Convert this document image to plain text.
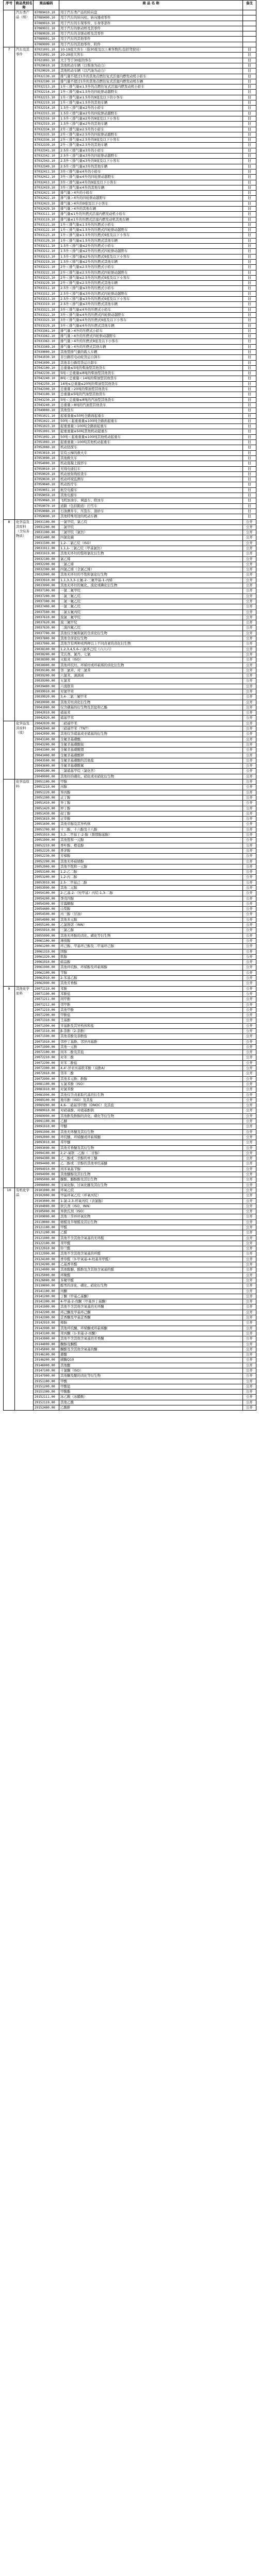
序号	商品类别名称	商品编码	商 品 名 称	备注
	汽车类产品（续）	87089410.10	用于汽车类产品的转向盘	
		87089490.10	用于汽车的转向柱、转向器或零件	
		87089910.10	用于汽车的车架零件、车身零部件	
		87089931.10	用于汽车的驱动桥及其零件	
		87089939.10	用于汽车的非驱动桥及其零件	
		87089991.10	用于汽车的其他零件	
		87089999.10	用于汽车的其他零件、附件	
7	汽车及其零件	87021091.10	10-19座大客车（指30座及以上乘客数的,包括驾驶员）	旧
		87021092.10	20-29座大客车	旧
		87021093.10	大于等于30座的客车	旧
		87029010.10	其他机动车辆（以柴油为动力）	旧
		87029020.10	其他机动车辆（以汽油为动力）	旧
		87032130.10	排气量不超过1升的其他点燃往复式活塞内燃发动机小轿车	旧
		87032190.10	排气量不超过1升的其他点燃往复式活塞内燃发动机车辆	旧
		87032213.10	1升＜排气量≤1.5升的点燃往复式活塞内燃发动机小轿车	旧
		87032214.10	1升＜排气量≤1.5升的四轮驱动越野车	旧
		87032215.10	1升＜排气量≤1.5升的9座及以下的小客车	旧
		87032219.10	1升＜排气量≤1.5升的其他车辆	旧
		87032314.10	1.5升＜排气量≤2升的小轿车	旧
		87032315.10	1.5升＜排气量≤2升的四轮驱动越野车	旧
		87032316.10	1.5升＜排气量≤2升的9座及以下小客车	旧
		87032319.10	1.5升＜排气量≤2升的其他车辆	旧
		87032334.10	2升＜排气量≤2.5升的小轿车	旧
		87032335.10	2升＜排气量≤2.5升的四轮驱动越野车	旧
		87032336.10	2升＜排气量≤2.5升的9座及以下小客车	旧
		87032339.10	2升＜排气量≤2.5升的其他车辆	旧
		87032341.10	2.5升＜排气量≤3升的小轿车	旧
		87032342.10	2.5升＜排气量≤3升的四轮驱动越野车	旧
		87032343.10	2.5升＜排气量≤3升的9座及以下小客车	旧
		87032349.10	2.5升＜排气量≤3升的其他车辆	旧
		87032411.10	3升＜排气量≤4升的小轿车	旧
		87032412.10	3升＜排气量≤4升的四轮驱动越野车	旧
		87032413.10	3升＜排气量≤4升的9座及以下小客车	旧
		87032419.10	3升＜排气量≤4升的其他车辆	旧
		87032421.10	排气量＞4升的小轿车	旧
		87032422.10	排气量＞4升的四轮驱动越野车	旧
		87032423.10	排气量＞4升的9座及以下小客车	旧
		87032429.10	排气量＞4升的其他车辆	旧
		87033111.10	排气量≤1升的压燃式活塞内燃发动机小轿车	旧
		87033119.10	排气量≤1升的压燃式活塞内燃发动机其他车辆	旧
		87033121.10	1升＜排气量≤1.5升的压燃式小轿车	旧
		87033122.10	1升＜排气量≤1.5升的压燃式四轮驱动越野车	旧
		87033123.10	1升＜排气量≤1.5升的压燃式9座及以下小客车	旧
		87033129.10	1升＜排气量≤1.5升的压燃式其他车辆	旧
		87033211.10	1.5升＜排气量≤2升的压燃式小轿车	旧
		87033212.10	1.5升＜排气量≤2升的压燃式四轮驱动越野车	旧
		87033213.10	1.5升＜排气量≤2升的压燃式9座及以下小客车	旧
		87033219.10	1.5升＜排气量≤2升的压燃式其他车辆	旧
		87033221.10	2升＜排气量≤2.5升的压燃式小轿车	旧
		87033222.10	2升＜排气量≤2.5升的压燃式四轮驱动越野车	旧
		87033223.10	2升＜排气量≤2.5升的压燃式9座及以下小客车	旧
		87033229.10	2升＜排气量≤2.5升的压燃式其他车辆	旧
		87033311.10	2.5升＜排气量≤3升的压燃式小轿车	旧
		87033312.10	2.5升＜排气量≤3升的压燃式四轮驱动越野车	旧
		87033313.10	2.5升＜排气量≤3升的压燃式9座及以下小客车	旧
		87033319.10	2.5升＜排气量≤3升的压燃式其他车辆	旧
		87033321.10	3升＜排气量≤4升的压燃式小轿车	旧
		87033322.10	3升＜排气量≤4升的压燃式四轮驱动越野车	旧
		87033323.10	3升＜排气量≤4升的压燃式9座及以下小客车	旧
		87033329.10	3升＜排气量≤4升的压燃式其他车辆	旧
		87033361.10	排气量＞4升的压燃式小轿车	旧
		87033362.10	排气量＞4升的压燃式四轮驱动越野车	旧
		87033363.10	排气量＞4升的压燃式9座及以下小客车	旧
		87033369.10	排气量＞4升的压燃式其他车辆	旧
		87039000.10	其他型排气量的载人车辆	旧
		87041030.10	非公路用电动轮货运自卸车	旧
		87041090.10	其他非公路用货运自卸车	旧
		87042100.10	总重量≤5吨的柴油型其他货车	旧
		87042230.10	5吨＜总重量≤8吨的柴油型其他货车	旧
		87042240.10	8吨＜总重量＜14吨的柴油型其他货车	旧
		87042250.10	14吨≤总重量≤20吨的柴油型其他货车	旧
		87042300.10	总重量＞20吨的柴油型其他货车	旧
		87043100.10	总重量≤5吨的汽油型其他货车	旧
		87043230.10	5吨＜总重量≤8吨的汽油型其他货车	旧
		87043240.10	总重量＞8吨的汽油型其他货车	旧
		87049000.10	其他货车	旧
		87051021.10	起重重量≤50吨全路面起重车	旧
		87051022.10	50吨＜起重重量≤100吨全路面起重车	旧
		87051023.10	起重重量＞100吨全路面起重车	旧
		87051091.10	起重重量≤50吨其他机动起重车	旧
		87051092.10	50吨＜起重重量≤100吨其他机动起重车	旧
		87051093.10	起重重量＞100吨其他机动起重车	旧
		87052000.10	机动钻探车	旧
		87053010.10	装有云梯的救火车	旧
		87053090.10	其他救火车	旧
		87054000.10	机动混凝土搅拌车	旧
		87059010.10	无线电通信车	旧
		87059020.10	机动放射线检查车	旧
		87059030.10	机动环境监测车	旧
		87059040.10	机动医疗车	旧
		87059051.10	航空电源车	旧
		87059059.10	其他电源车	旧
		87059060.10	飞机加油车、调温车、除冰车	旧
		87059070.10	道路（包括跑道）扫雪车	旧
		87059080.10	石油测井车、压裂车、混砂车	旧
		87059090.10	其他特殊用途的机动车辆	旧
8	化学品及其原料（含有害物质）	29031100.00	一氯甲烷、氯乙烷	公开
		29031200.00	二氯甲烷	公开
		29031300.00	三氯甲烷（氯仿）	公开
		29031400.00	四氯化碳	公开
		29031500.00	1,2-二氯乙烷（ISO）	公开
		29031911.00	1,1,1-三氯乙烷（甲基氯仿）	公开
		29031919.00	其他无环烃的饱和氯化衍生物	公开
		29032100.00	氯乙烯	公开
		29032200.00	三氯乙烯	公开
		29032300.00	四氯乙烯（全氯乙烯）	公开
		29032900.00	其他无环烃的不饱和氯化衍生物	公开
		29033910.00	1,1,3,3,3-五氟-2-三氟甲基-1-丙烯	公开
		29033990.00	其他无环烃的氟化、溴化或碘化衍生物	公开
		29037100.00	一氯二氟甲烷	公开
		29037200.00	二氯三氟乙烷	公开
		29037300.00	二氯一氟乙烷	公开
		29037400.00	一氯二氟乙烷	公开
		29037500.00	二氯五氟丙烷	公开
		29037610.00	溴氯二氟甲烷	公开
		29037620.00	溴三氟甲烷	公开
		29037630.00	二溴四氟乙烷	公开
		29037700.00	其他仅含氟和氯的全卤化衍生物	公开
		29037800.00	其他全卤化衍生物	公开
		29037900.00	其他含有两种或两种以上不同卤素的卤化衍生物	公开
		29038100.00	1,2,3,4,5,6-六氯环己烷（六六六）	公开
		29038200.00	艾氏剂、氯丹、七氯	公开
		29038300.00	灭蚁灵（ISO）	公开
		29038900.00	其他环烷烃、环烯烃或环萜烯的卤化衍生物	公开
		29039100.00	邻二氯苯、对二氯苯	公开
		29039200.00	六氯苯、滴滴涕	公开
		29039300.00	五氯苯	公开
		29039400.00	六溴联苯	公开
		29039910.00	对氯甲苯	公开
		29039920.00	3,4-二氯三氟甲苯	公开
		29039990.00	其他芳烃卤化衍生物	公开
		29041000.00	仅含磺基的衍生物及其盐和乙酯	公开
		29042010.00	硝基苯	公开
		29042020.00	硝基甲苯	公开
	化学品及其原料（续）	29042030.00	二硝基甲苯	公开
		29042040.00	三硝基甲苯（TNT）	公开
		29042090.00	其他仅含硝基或亚硝基的衍生物	公开
		29043100.00	全氟辛基磺酸	公开
		29043200.00	全氟辛基磺酸铵	公开
		29043300.00	全氟辛基磺酸锂	公开
		29043400.00	全氟辛基磺酸钾	公开
		29043500.00	全氟辛基磺酸的其他盐	公开
		29043600.00	全氟辛基磺酰氟	公开
		29049100.00	三氯硝基甲烷（氯化苦）	公开
		29049900.00	其他烃的磺化、硝化或亚硝化衍生物	公开
	化学品原料	29051100.00	甲醇	公开
		29051210.00	丙醇	公开
		29051220.00	异丙醇	公开
		29051300.00	正丁醇	公开
		29051410.00	异丁醇	公开
		29051420.00	仲丁醇	公开
		29051430.00	叔丁醇	公开
		29051610.00	正辛醇	公开
		29051690.00	其他辛醇及其异构体	公开
		29051700.00	十二醇、十六醇及十八醇	公开
		29051910.00	3,3-二甲基丁-2-醇（频那醇基醇）	公开
		29051990.00	其他饱和一元醇	公开
		29052210.00	香叶醇、橙花醇	公开
		29052220.00	香茅醇	公开
		29052230.00	芳樟醇	公开
		29052290.00	其他无环萜烯醇	公开
		29052900.00	其他不饱和一元醇	公开
		29053100.00	1,2-乙二醇	公开
		29053200.00	1,2-丙二醇	公开
		29053910.00	2,5-二甲基己二醇	公开
		29053990.00	其他二元醇	公开
		29054100.00	2-乙基-2-（羟甲基）丙烷-1,3-二醇	公开
		29054200.00	季戊四醇	公开
		29054300.00	甘露糖醇	公开
		29054400.00	山梨醇	公开
		29054500.00	丙三醇（甘油）	公开
		29054900.00	其他多元醇	公开
		29055100.00	乙氯维诺（INN）	公开
		29055910.00	三氯乙醇	公开
		29055990.00	其他无环醇的卤化、磺化等衍生物	公开
		29061100.00	薄荷醇	公开
		29061200.00	环己醇、甲基环己醇及二甲基环己醇	公开
		29061310.00	固醇	公开
		29061320.00	肌醇	公开
		29061910.00	萜品醇	公开
		29061990.00	其他环烷醇、环烯醇及环萜烯醇	公开
		29062100.00	苄醇	公开
		29062910.00	2-苯基乙醇	公开
		29062990.00	其他芳香醇	公开
9	其他化学原料	29071110.00	苯酚	公开
		29071190.00	苯酚盐	公开
		29071211.00	间甲酚	公开
		29071212.00	邻甲酚	公开
		29071219.00	其他甲酚	公开
		29071290.00	甲酚盐	公开
		29071310.00	壬基酚	公开
		29071390.00	辛基酚及其异构体和盐	公开
		29071510.00	β-萘酚（2-萘酚）	公开
		29071590.00	其他萘酚及萘酚盐	公开
		29071910.00	邻仲丁基酚、邻异丙基酚	公开
		29071990.00	其他一元酚	公开
		29072100.00	间苯二酚及其盐	公开
		29072210.00	对苯二酚	公开
		29072290.00	对苯二酚盐	公开
		29072300.00	4,4'-异亚丙基联苯酚（双酚A）	公开
		29072910.00	邻苯二酚	公开
		29072990.00	其他多元酚；酚醇	公开
		29081100.00	五氯苯酚（ISO）	公开
		29081910.00	对氯苯酚	公开
		29081990.00	其他仅含卤素取代基的衍生物	公开
		29089100.00	地乐酚（ISO）及其盐	公开
		29089200.00	4,6-二硝基邻甲酚（DNOC）及其盐	公开
		29089910.00	对硝基酚、对硝基酚钠	公开
		29089990.00	其他酚及酚醇的卤化、磺化等衍生物	公开
		29091100.00	乙醚	公开
		29091910.00	甲醚	公开
		29091990.00	其他无环醚及其衍生物	公开
		29092000.00	环烷醚、环烯醚或环萜烯醚	公开
		29093010.00	苯甲醚	公开
		29093090.00	其他芳香醚及其衍生物	公开
		29094100.00	2,2'-氧联二乙醇（二甘醇）	公开
		29094300.00	乙二醇或二甘醇的单丁醚	公开
		29094400.00	乙二醇或二甘醇的其他单烷基醚	公开
		29094910.00	间苯氧基苄醇	公开
		29094990.00	其他醚醇及其衍生物	公开
		29095000.00	醚酚、醚醇酚及其衍生物	公开
		29096000.00	过氧化醇、过氧化醚及其衍生物	公开
10	有机化学品	29101000.00	环氧乙烷	公开
		29102000.00	甲基环氧乙烷（环氧丙烷）	公开
		29103000.00	1-氯-2,3-环氧丙烷（表氯醇）	公开
		29104000.00	狄氏剂（ISO，INN）	公开
		29105000.00	异狄氏剂（ISO）	公开
		29109000.00	其他三节环环氧化物	公开
		29110000.00	缩醛及半缩醛及其衍生物	公开
		29121100.00	甲醛	公开
		29121200.00	乙醛	公开
		29121900.00	其他不含其他含氧基的无环醛	公开
		29122100.00	苯甲醛	公开
		29122910.00	铃兰醛	公开
		29122990.00	其他不含其他含氧基的环醛	公开
		29124100.00	香草醛（3-甲氧基-4-羟基苯甲醛）	公开
		29124200.00	乙基香草醛	公开
		29124900.00	其他醛醚、醛酚及含其他含氧基的醛	公开
		29125000.00	环聚醛	公开
		29126000.00	多聚甲醛	公开
		29130000.00	醛类的卤化、磺化、硝化衍生物	公开
		29141100.00	丙酮	公开
		29141200.00	丁酮（甲基乙基酮）	公开
		29141300.00	4-甲基-2-戊酮（甲基异丁基酮）	公开
		29141900.00	其他不含其他含氧基的无环酮	公开
		29142200.00	环己酮及甲基环己酮	公开
		29142300.00	芷香酮及甲基芷香酮	公开
		29142910.00	樟脑	公开
		29142990.00	其他环烷酮、环烯酮或环萜烯酮	公开
		29143100.00	苯丙酮（1-苯基-2-丙酮）	公开
		29143900.00	其他不含其他含氧基的芳香酮	公开
		29144000.00	酮醇及酮醛	公开
		29145000.00	酮酚及含其他含氧基的酮	公开
		29146100.00	蒽醌	公开
		29146200.00	辅酶Q10	公开
		29146900.00	其他醌	公开
		29147100.00	十氯酮（ISO）	公开
		29147900.00	其他酮及醌的卤化等衍生物	公开
		29151100.00	甲酸	公开
		29151200.00	甲酸盐	公开
		29151300.00	甲酸酯	公开
		29152111.00	冰乙酸（冰醋酸）	公开
		29152119.00	其他乙酸	公开
		29152400.00	乙酸酐	公开
